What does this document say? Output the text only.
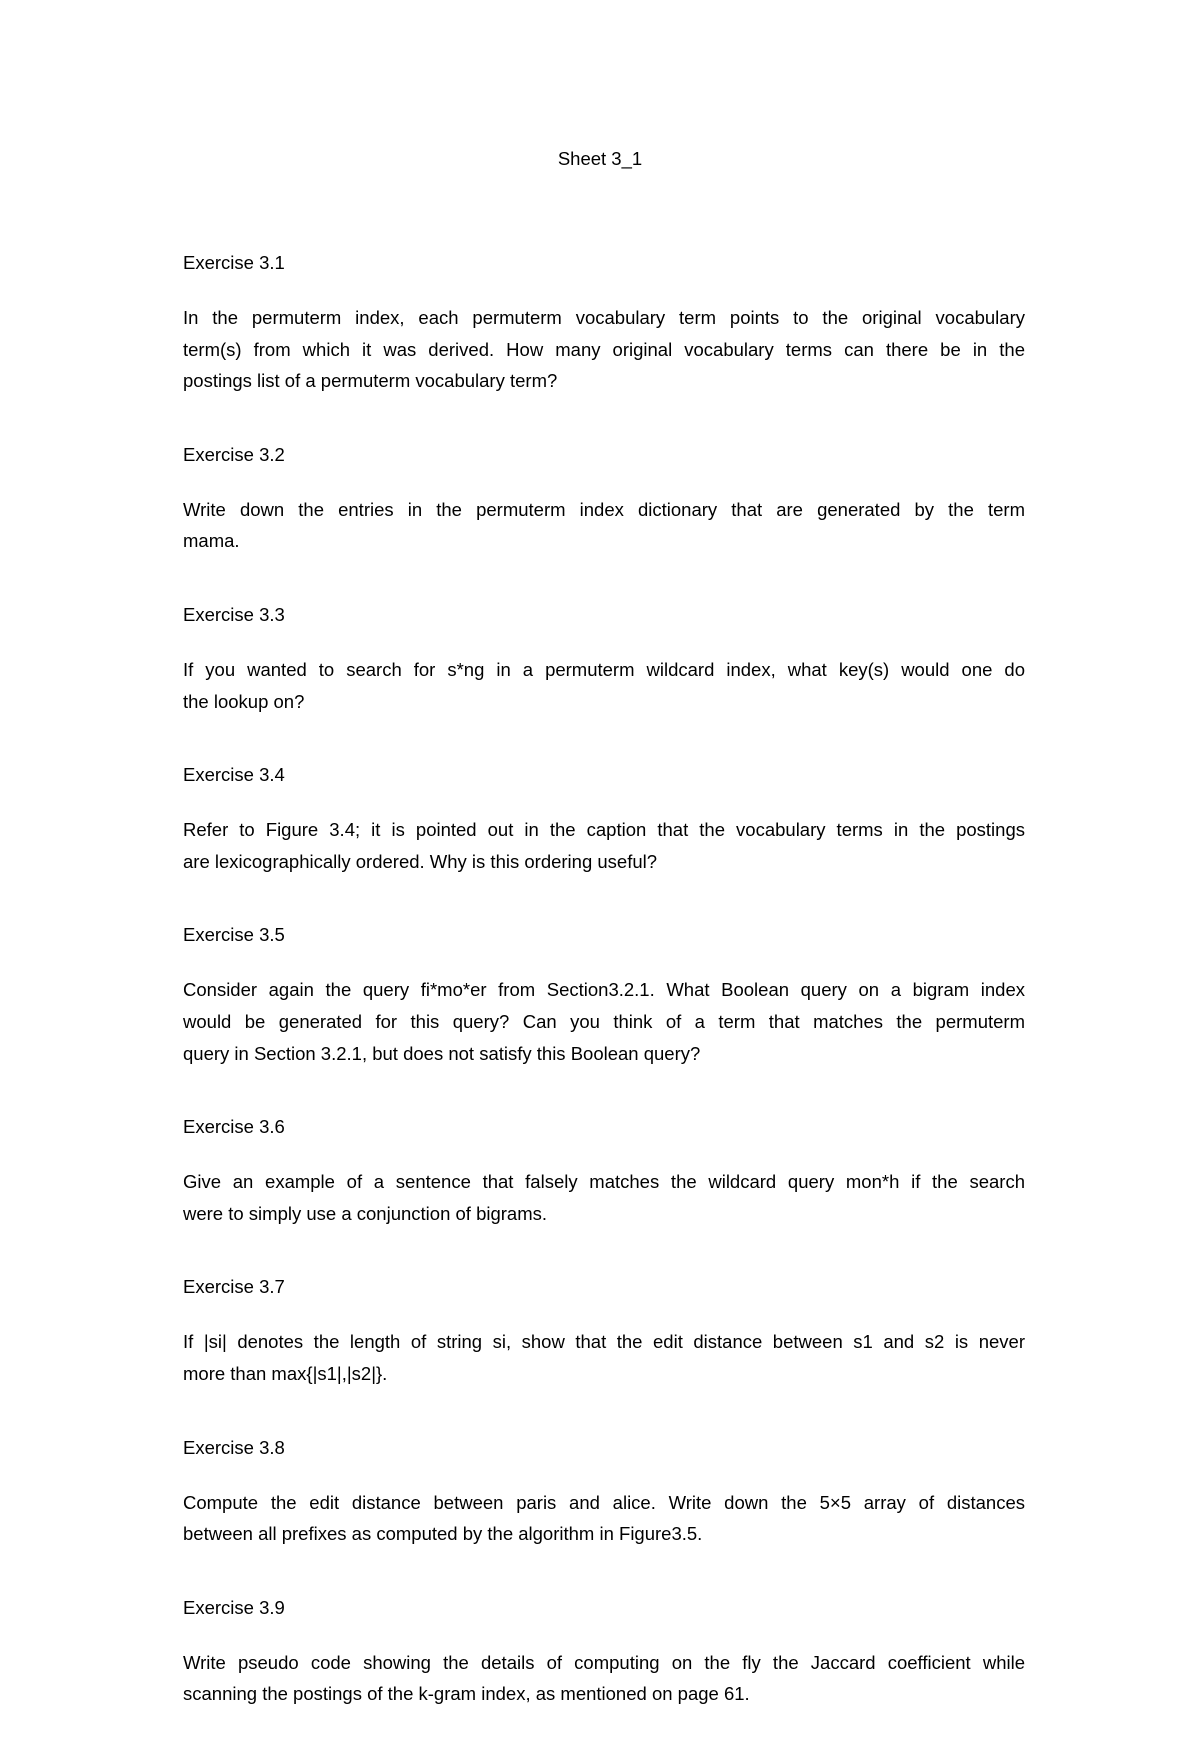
Sheet 3_1
Exercise 3.1
In the permuterm index, each permuterm vocabulary term points to the original vocabulary
term(s) from which it was derived. How many original vocabulary terms can there be in the
postings list of a permuterm vocabulary term?
Exercise 3.2
Write down the entries in the permuterm index dictionary that are generated by the term
mama.
Exercise 3.3
If you wanted to search for s*ng in a permuterm wildcard index, what key(s) would one do
the lookup on?
Exercise 3.4
Refer to Figure 3.4; it is pointed out in the caption that the vocabulary terms in the postings
are lexicographically ordered. Why is this ordering useful?
Exercise 3.5
Consider again the query fi*mo*er from Section3.2.1. What Boolean query on a bigram index
would be generated for this query? Can you think of a term that matches the permuterm
query in Section 3.2.1, but does not satisfy this Boolean query?
Exercise 3.6
Give an example of a sentence that falsely matches the wildcard query mon*h if the search
were to simply use a conjunction of bigrams.
Exercise 3.7
If |si| denotes the length of string si, show that the edit distance between s1 and s2 is never
more than max{|s1|,|s2|}.
Exercise 3.8
Compute the edit distance between paris and alice. Write down the 5×5 array of distances
between all prefixes as computed by the algorithm in Figure3.5.
Exercise 3.9
Write pseudo code showing the details of computing on the fly the Jaccard coefficient while
scanning the postings of the k-gram index, as mentioned on page 61.
